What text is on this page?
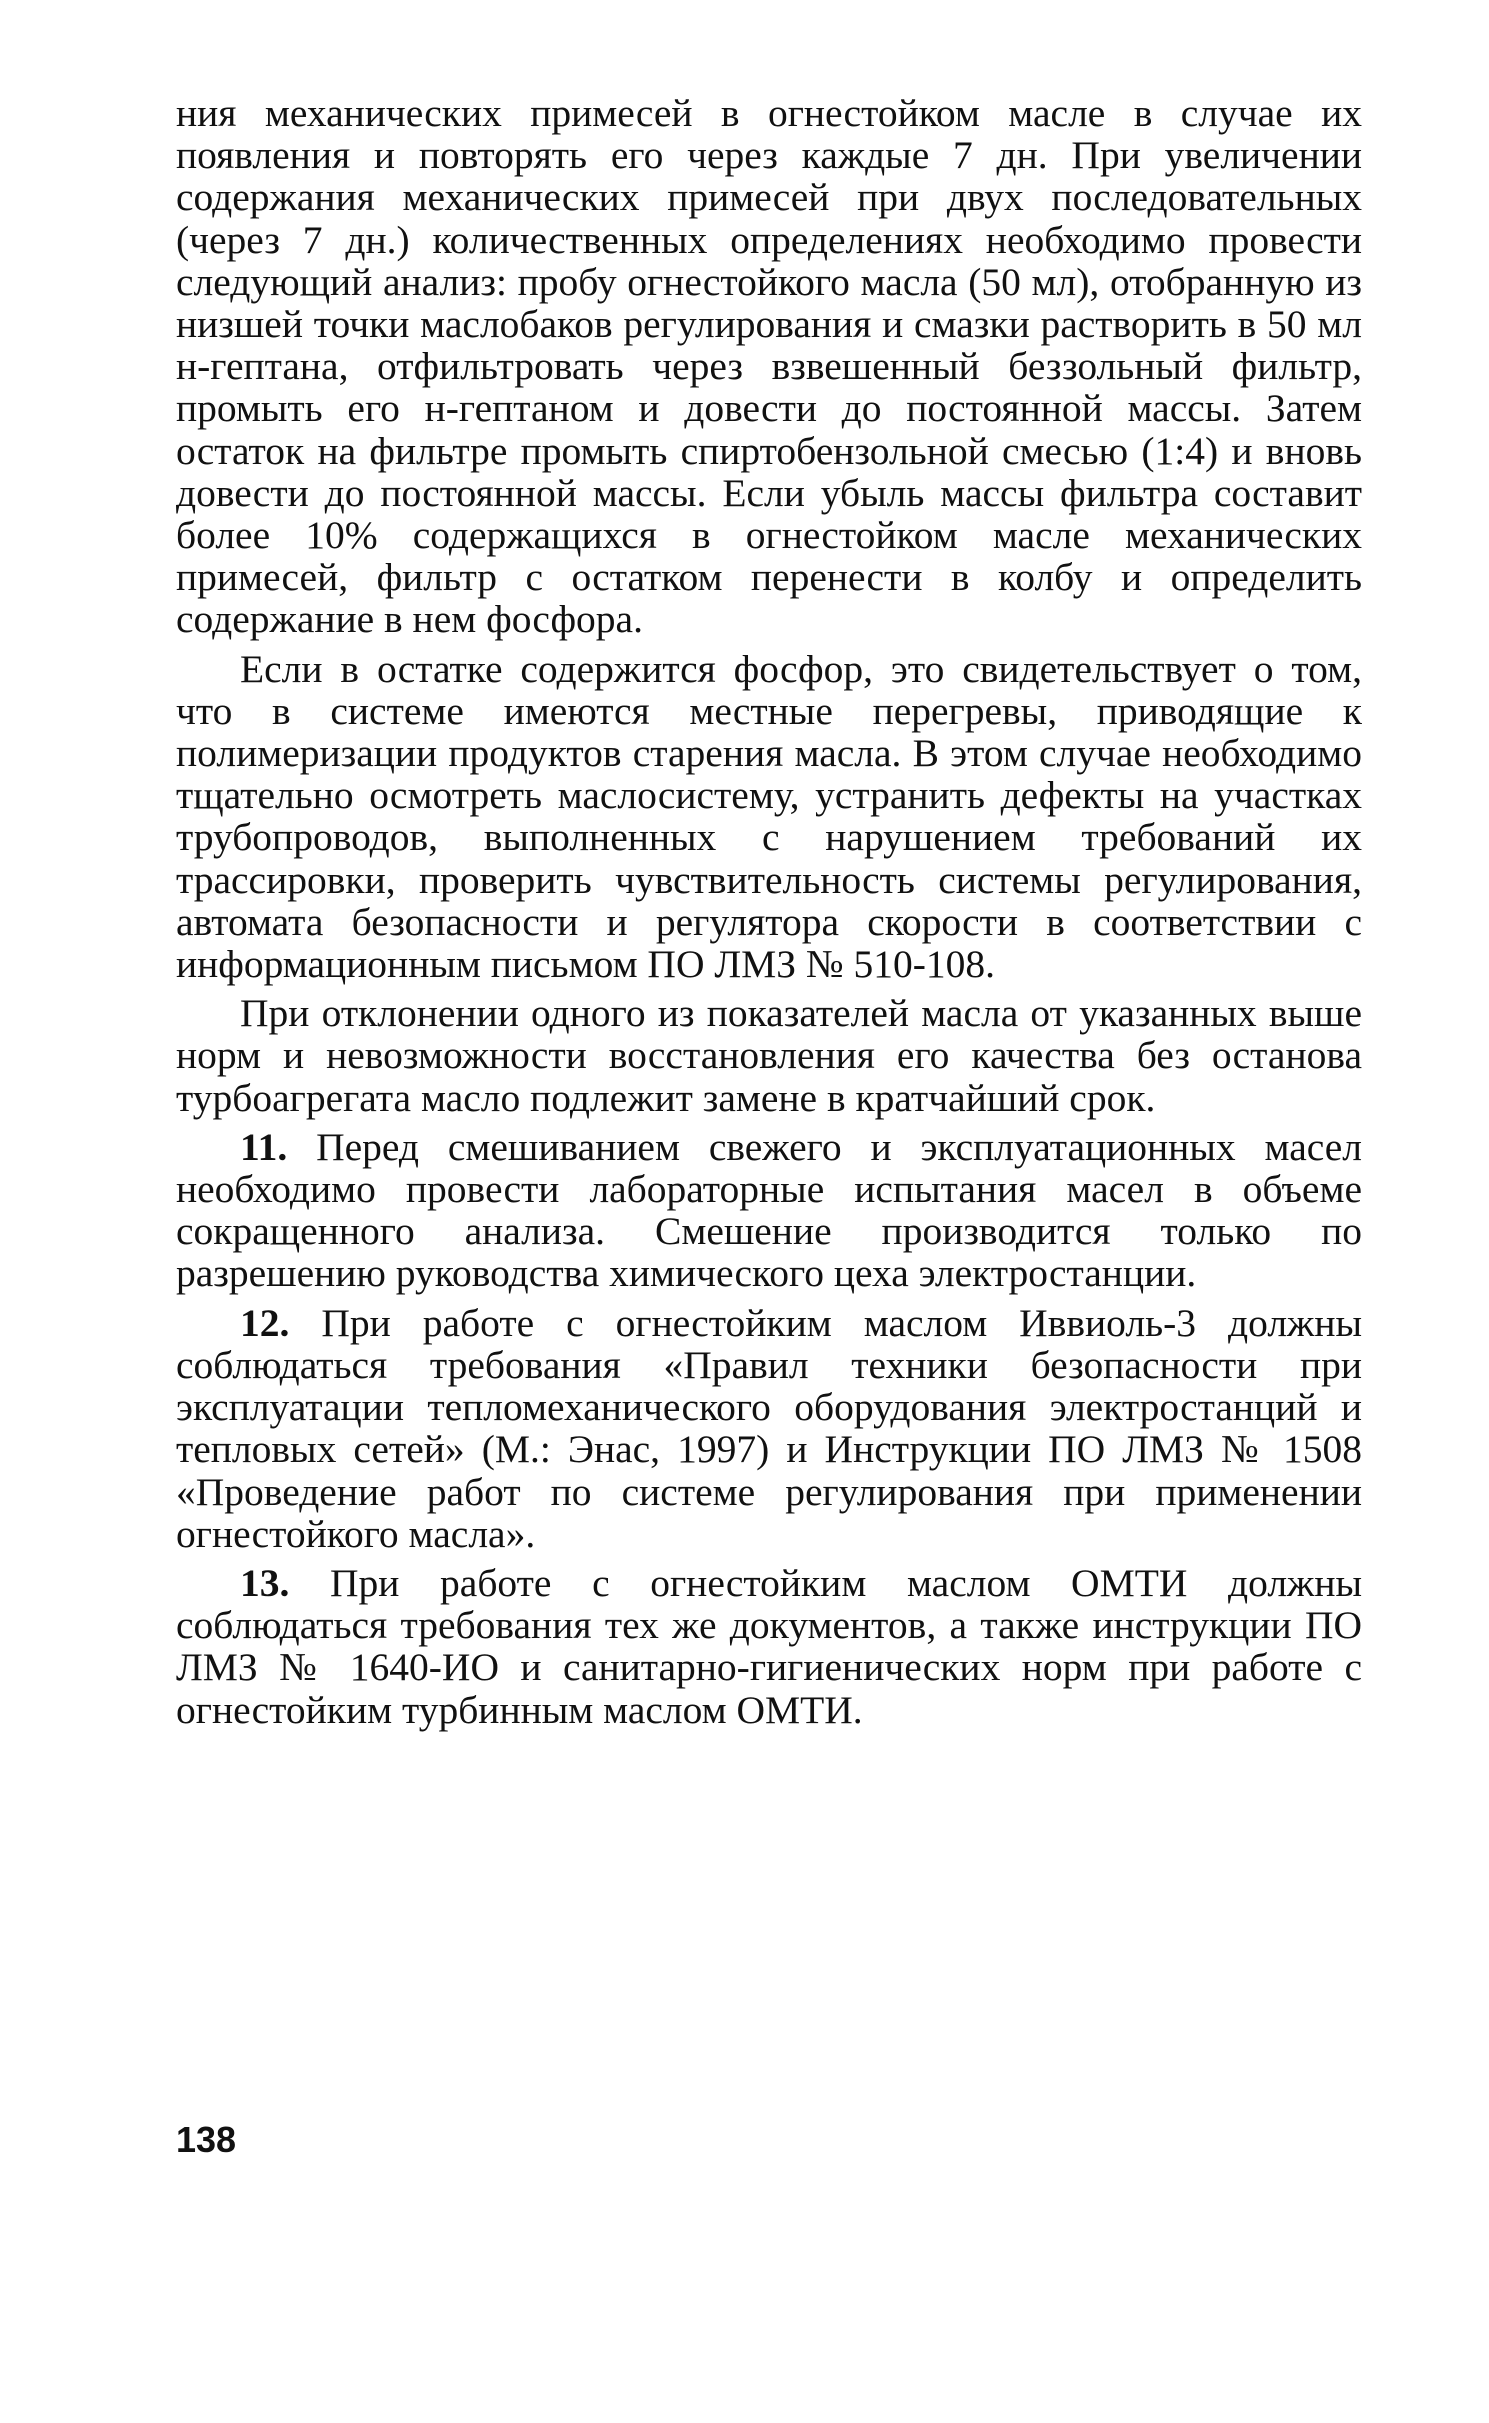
ния механических примесей в огнестойком масле в случае их появления и повторять его через каждые 7 дн. При увеличении содержания механических примесей при двух последовательных (через 7 дн.) количественных определениях необходимо провести следующий анализ: пробу огнестойкого масла (50 мл), отобранную из низшей точки маслобаков регулирования и смазки растворить в 50 мл н-гептана, отфильтровать через взвешенный беззольный фильтр, промыть его н-гептаном и довести до постоянной массы. Затем остаток на фильтре промыть спиртобензольной смесью (1:4) и вновь довести до постоянной массы. Если убыль массы фильтра составит более 10% содержащихся в огнестойком масле механических примесей, фильтр с остатком перенести в колбу и определить содержание в нем фосфора.

Если в остатке содержится фосфор, это свидетельствует о том, что в системе имеются местные перегревы, приводящие к полимеризации продуктов старения масла. В этом случае необходимо тщательно осмотреть маслосистему, устранить дефекты на участках трубопроводов, выполненных с нарушением требований их трассировки, проверить чувствительность системы регулирования, автомата безопасности и регулятора скорости в соответствии с информационным письмом ПО ЛМЗ № 510-108.

При отклонении одного из показателей масла от указанных выше норм и невозможности восстановления его качества без останова турбоагрегата масло подлежит замене в кратчайший срок.

11. Перед смешиванием свежего и эксплуатационных масел необходимо провести лабораторные испытания масел в объеме сокращенного анализа. Смешение производится только по разрешению руководства химического цеха электростанции.

12. При работе с огнестойким маслом Иввиоль-3 должны соблюдаться требования «Правил техники безопасности при эксплуатации тепломеханического оборудования электростанций и тепловых сетей» (М.: Энас, 1997) и Инструкции ПО ЛМЗ № 1508 «Проведение работ по системе регулирования при применении огнестойкого масла».

13. При работе с огнестойким маслом ОМТИ должны соблюдаться требования тех же документов, а также инструкции ПО ЛМЗ № 1640-ИО и санитарно-гигиенических норм при работе с огнестойким турбинным маслом ОМТИ.

138
